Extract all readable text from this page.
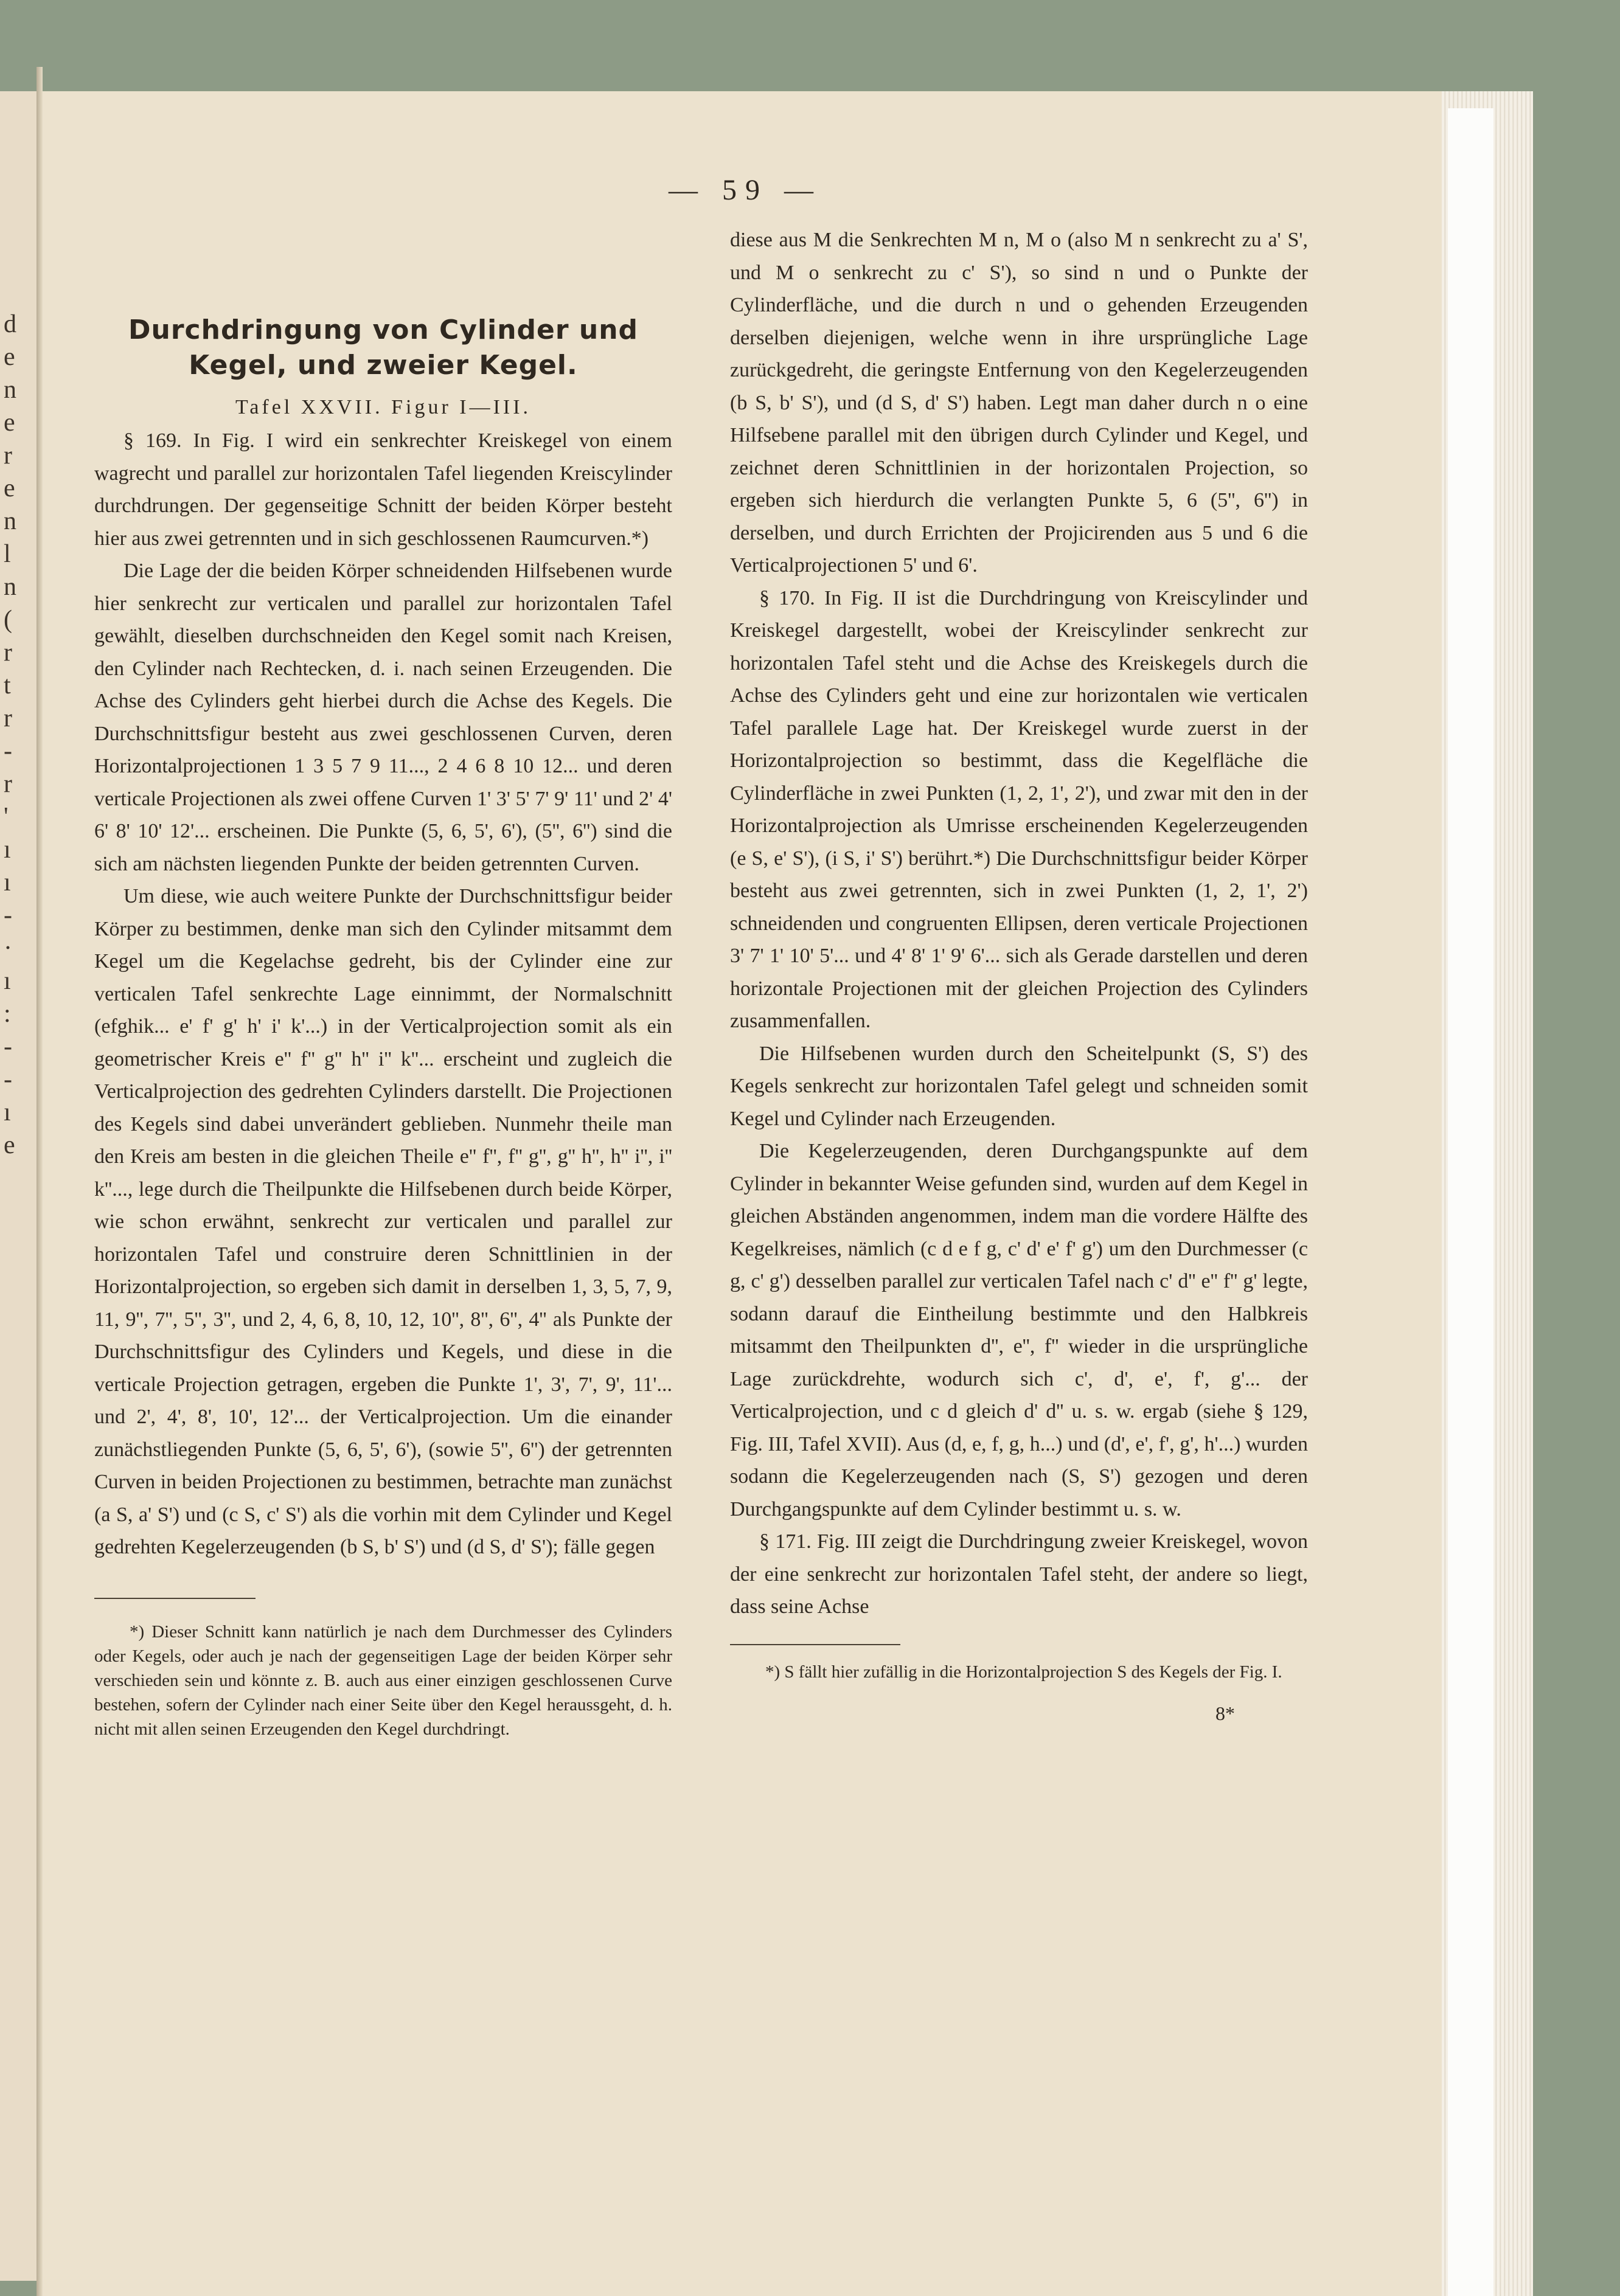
d
e
n
e
r
e
n
l
n
(
r
t
r
-
r
'
ı
ı
-
·
ı
:
-
-
ı
e
— 59 —
Durchdringung von Cylinder und Kegel, und zweier Kegel.
Tafel XXVII. Figur I—III.

§ 169. In Fig. I wird ein senkrechter Kreiskegel von einem wagrecht und parallel zur horizontalen Tafel liegenden Kreiscylinder durchdrungen. Der gegenseitige Schnitt der beiden Körper besteht hier aus zwei getrennten und in sich geschlossenen Raumcurven.*)

Die Lage der die beiden Körper schneidenden Hilfsebenen wurde hier senkrecht zur verticalen und parallel zur horizontalen Tafel gewählt, dieselben durchschneiden den Kegel somit nach Kreisen, den Cylinder nach Rechtecken, d. i. nach seinen Erzeugenden. Die Achse des Cylinders geht hierbei durch die Achse des Kegels. Die Durchschnittsfigur besteht aus zwei geschlossenen Curven, deren Horizontalprojectionen 1 3 5 7 9 11..., 2 4 6 8 10 12... und deren verticale Projectionen als zwei offene Curven 1' 3' 5' 7' 9' 11' und 2' 4' 6' 8' 10' 12'... erscheinen. Die Punkte (5, 6, 5', 6'), (5'', 6'') sind die sich am nächsten liegenden Punkte der beiden getrennten Curven.

Um diese, wie auch weitere Punkte der Durchschnittsfigur beider Körper zu bestimmen, denke man sich den Cylinder mitsammt dem Kegel um die Kegelachse gedreht, bis der Cylinder eine zur verticalen Tafel senkrechte Lage einnimmt, der Normalschnitt (efghik... e' f' g' h' i' k'...) in der Verticalprojection somit als ein geometrischer Kreis e'' f'' g'' h'' i'' k''... erscheint und zugleich die Verticalprojection des gedrehten Cylinders darstellt. Die Projectionen des Kegels sind dabei unverändert geblieben. Nunmehr theile man den Kreis am besten in die gleichen Theile e'' f'', f'' g'', g'' h'', h'' i'', i'' k''..., lege durch die Theilpunkte die Hilfsebenen durch beide Körper, wie schon erwähnt, senkrecht zur verticalen und parallel zur horizontalen Tafel und construire deren Schnittlinien in der Horizontalprojection, so ergeben sich damit in derselben 1, 3, 5, 7, 9, 11, 9'', 7'', 5'', 3'', und 2, 4, 6, 8, 10, 12, 10'', 8'', 6'', 4'' als Punkte der Durchschnittsfigur des Cylinders und Kegels, und diese in die verticale Projection getragen, ergeben die Punkte 1', 3', 7', 9', 11'... und 2', 4', 8', 10', 12'... der Verticalprojection. Um die einander zunächstliegenden Punkte (5, 6, 5', 6'), (sowie 5'', 6'') der getrennten Curven in beiden Projectionen zu bestimmen, betrachte man zunächst (a S, a' S') und (c S, c' S') als die vorhin mit dem Cylinder und Kegel gedrehten Kegelerzeugenden (b S, b' S') und (d S, d' S'); fälle gegen

*) Dieser Schnitt kann natürlich je nach dem Durchmesser des Cylinders oder Kegels, oder auch je nach der gegenseitigen Lage der beiden Körper sehr verschieden sein und könnte z. B. auch aus einer einzigen geschlossenen Curve bestehen, sofern der Cylinder nach einer Seite über den Kegel heraussgeht, d. h. nicht mit allen seinen Erzeugenden den Kegel durchdringt.

diese aus M die Senkrechten M n, M o (also M n senkrecht zu a' S', und M o senkrecht zu c' S'), so sind n und o Punkte der Cylinderfläche, und die durch n und o gehenden Erzeugenden derselben diejenigen, welche wenn in ihre ursprüngliche Lage zurückgedreht, die geringste Entfernung von den Kegelerzeugenden (b S, b' S'), und (d S, d' S') haben. Legt man daher durch n o eine Hilfsebene parallel mit den übrigen durch Cylinder und Kegel, und zeichnet deren Schnittlinien in der horizontalen Projection, so ergeben sich hierdurch die verlangten Punkte 5, 6 (5'', 6'') in derselben, und durch Errichten der Projicirenden aus 5 und 6 die Verticalprojectionen 5' und 6'.

§ 170. In Fig. II ist die Durchdringung von Kreiscylinder und Kreiskegel dargestellt, wobei der Kreiscylinder senkrecht zur horizontalen Tafel steht und die Achse des Kreiskegels durch die Achse des Cylinders geht und eine zur horizontalen wie verticalen Tafel parallele Lage hat. Der Kreiskegel wurde zuerst in der Horizontalprojection so bestimmt, dass die Kegelfläche die Cylinderfläche in zwei Punkten (1, 2, 1', 2'), und zwar mit den in der Horizontalprojection als Umrisse erscheinenden Kegelerzeugenden (e S, e' S'), (i S, i' S') berührt.*) Die Durchschnittsfigur beider Körper besteht aus zwei getrennten, sich in zwei Punkten (1, 2, 1', 2') schneidenden und congruenten Ellipsen, deren verticale Projectionen 3' 7' 1' 10' 5'... und 4' 8' 1' 9' 6'... sich als Gerade darstellen und deren horizontale Projectionen mit der gleichen Projection des Cylinders zusammenfallen.

Die Hilfsebenen wurden durch den Scheitelpunkt (S, S') des Kegels senkrecht zur horizontalen Tafel gelegt und schneiden somit Kegel und Cylinder nach Erzeugenden.

Die Kegelerzeugenden, deren Durchgangspunkte auf dem Cylinder in bekannter Weise gefunden sind, wurden auf dem Kegel in gleichen Abständen angenommen, indem man die vordere Hälfte des Kegelkreises, nämlich (c d e f g, c' d' e' f' g') um den Durchmesser (c g, c' g') desselben parallel zur verticalen Tafel nach c' d'' e'' f'' g' legte, sodann darauf die Eintheilung bestimmte und den Halbkreis mitsammt den Theilpunkten d'', e'', f'' wieder in die ursprüngliche Lage zurückdrehte, wodurch sich c', d', e', f', g'... der Verticalprojection, und c d gleich d' d'' u. s. w. ergab (siehe § 129, Fig. III, Tafel XVII). Aus (d, e, f, g, h...) und (d', e', f', g', h'...) wurden sodann die Kegelerzeugenden nach (S, S') gezogen und deren Durchgangspunkte auf dem Cylinder bestimmt u. s. w.

§ 171. Fig. III zeigt die Durchdringung zweier Kreiskegel, wovon der eine senkrecht zur horizontalen Tafel steht, der andere so liegt, dass seine Achse

*) S fällt hier zufällig in die Horizontalprojection S des Kegels der Fig. I.

8*
